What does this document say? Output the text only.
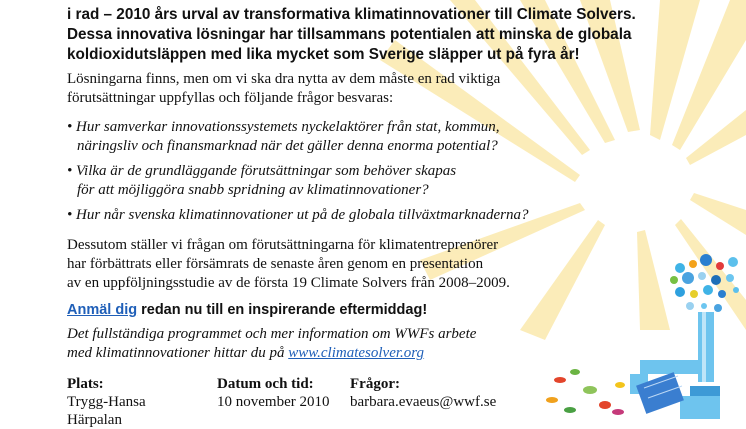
i rad – 2010 års urval av transformativa klimatinnovationer till Climate Solvers.
Dessa innovativa lösningar har tillsammans potentialen att minska de globala
koldioxidutsläppen med lika mycket som Sverige släpper ut på fyra år!
Lösningarna finns, men om vi ska dra nytta av dem måste en rad viktiga
förutsättningar uppfyllas och följande frågor besvaras:
• Hur samverkar innovationssystemets nyckelaktörer från stat, kommun,
näringsliv och finansmarknad när det gäller denna enorma potential?
• Vilka är de grundläggande förutsättningar som behöver skapas
för att möjliggöra snabb spridning av klimatinnovationer?
• Hur når svenska klimatinnovationer ut på de globala tillväxtmarknaderna?
Dessutom ställer vi frågan om förutsättningarna för klimatentreprenörer
har förbättrats eller försämrats de senaste åren genom en presentation
av en uppföljningsstudie av de första 19 Climate Solvers från 2008–2009.
Anmäl dig redan nu till en inspirerande eftermiddag!
Det fullständiga programmet och mer information om WWFs arbete
med klimatinnovationer hittar du på www.climatesolver.org
Plats:
Trygg-Hansa
Härpalan
Datum och tid:
10 november 2010
Frågor:
barbara.evaeus@wwf.se
